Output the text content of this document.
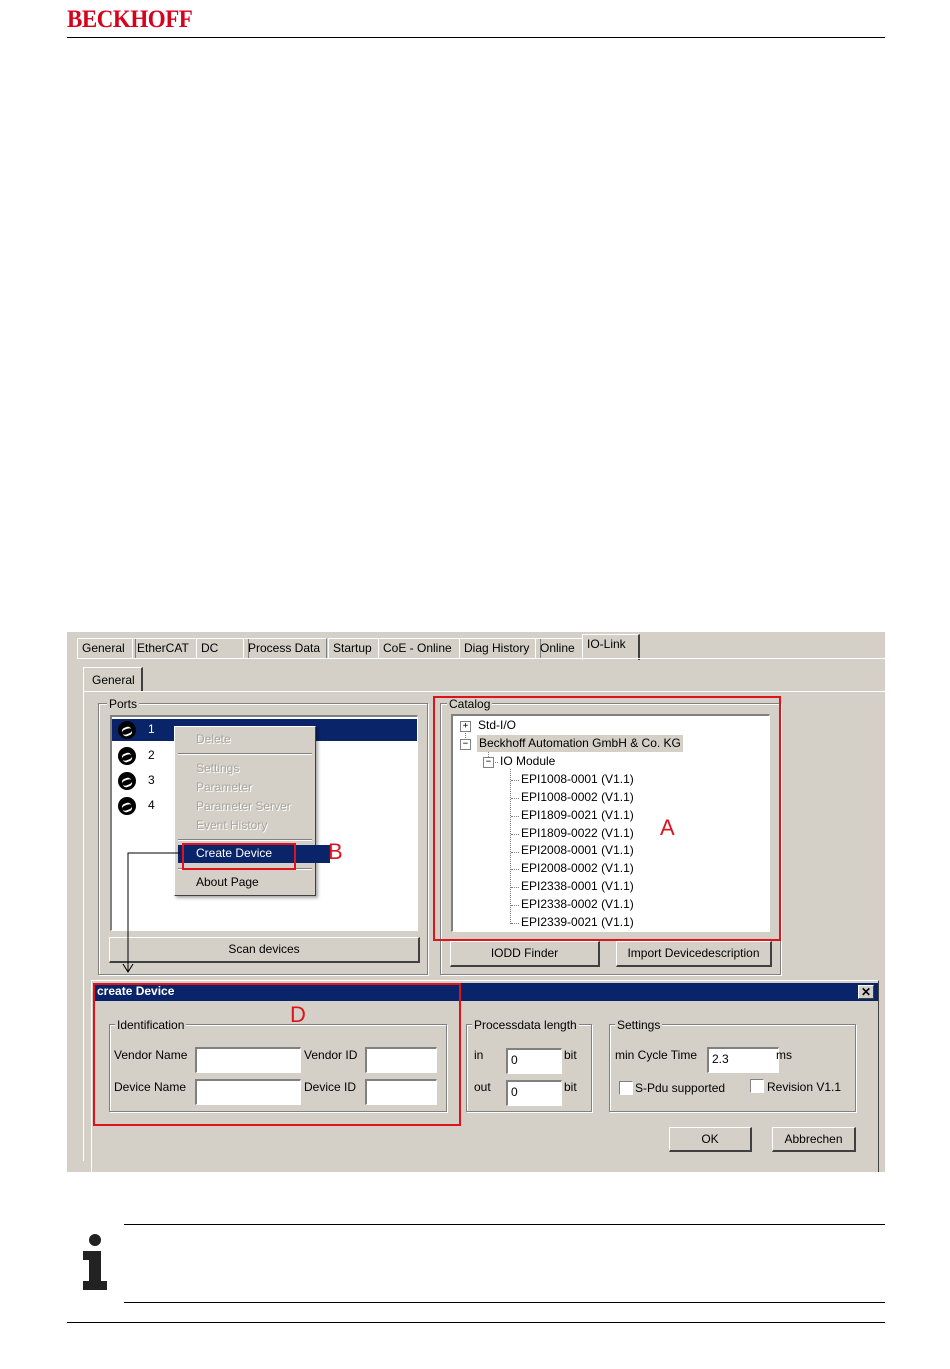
BECKHOFF
General	EtherCAT	DC	Process Data	Startup CoE - Online	Diag History Online	IO-Link
General
Ports
1
2
3
4
Scan devices
Catalog
+ Std-I/O
− Beckhoff Automation GmbH & Co. KG
− IO Module
EPI1008-0001 (V1.1)
EPI1008-0002 (V1.1)
EPI1809-0021 (V1.1)
EPI1809-0022 (V1.1)
EPI2008-0001 (V1.1)
EPI2008-0002 (V1.1)
EPI2338-0001 (V1.1)
EPI2338-0002 (V1.1)
EPI2339-0021 (V1.1)
IODD Finder	Import Devicedescription
Delete
Settings
Parameter
Parameter Server
Event History
Create Device
About Page
A
B
create Device	✕
Identification
Vendor Name	Vendor ID
Device Name	Device ID
Processdata length
in	0	bit
out	0	bit
Settings
min Cycle Time	2.3	ms
S-Pdu supported	Revision V1.1
OK	Abbrechen
D
